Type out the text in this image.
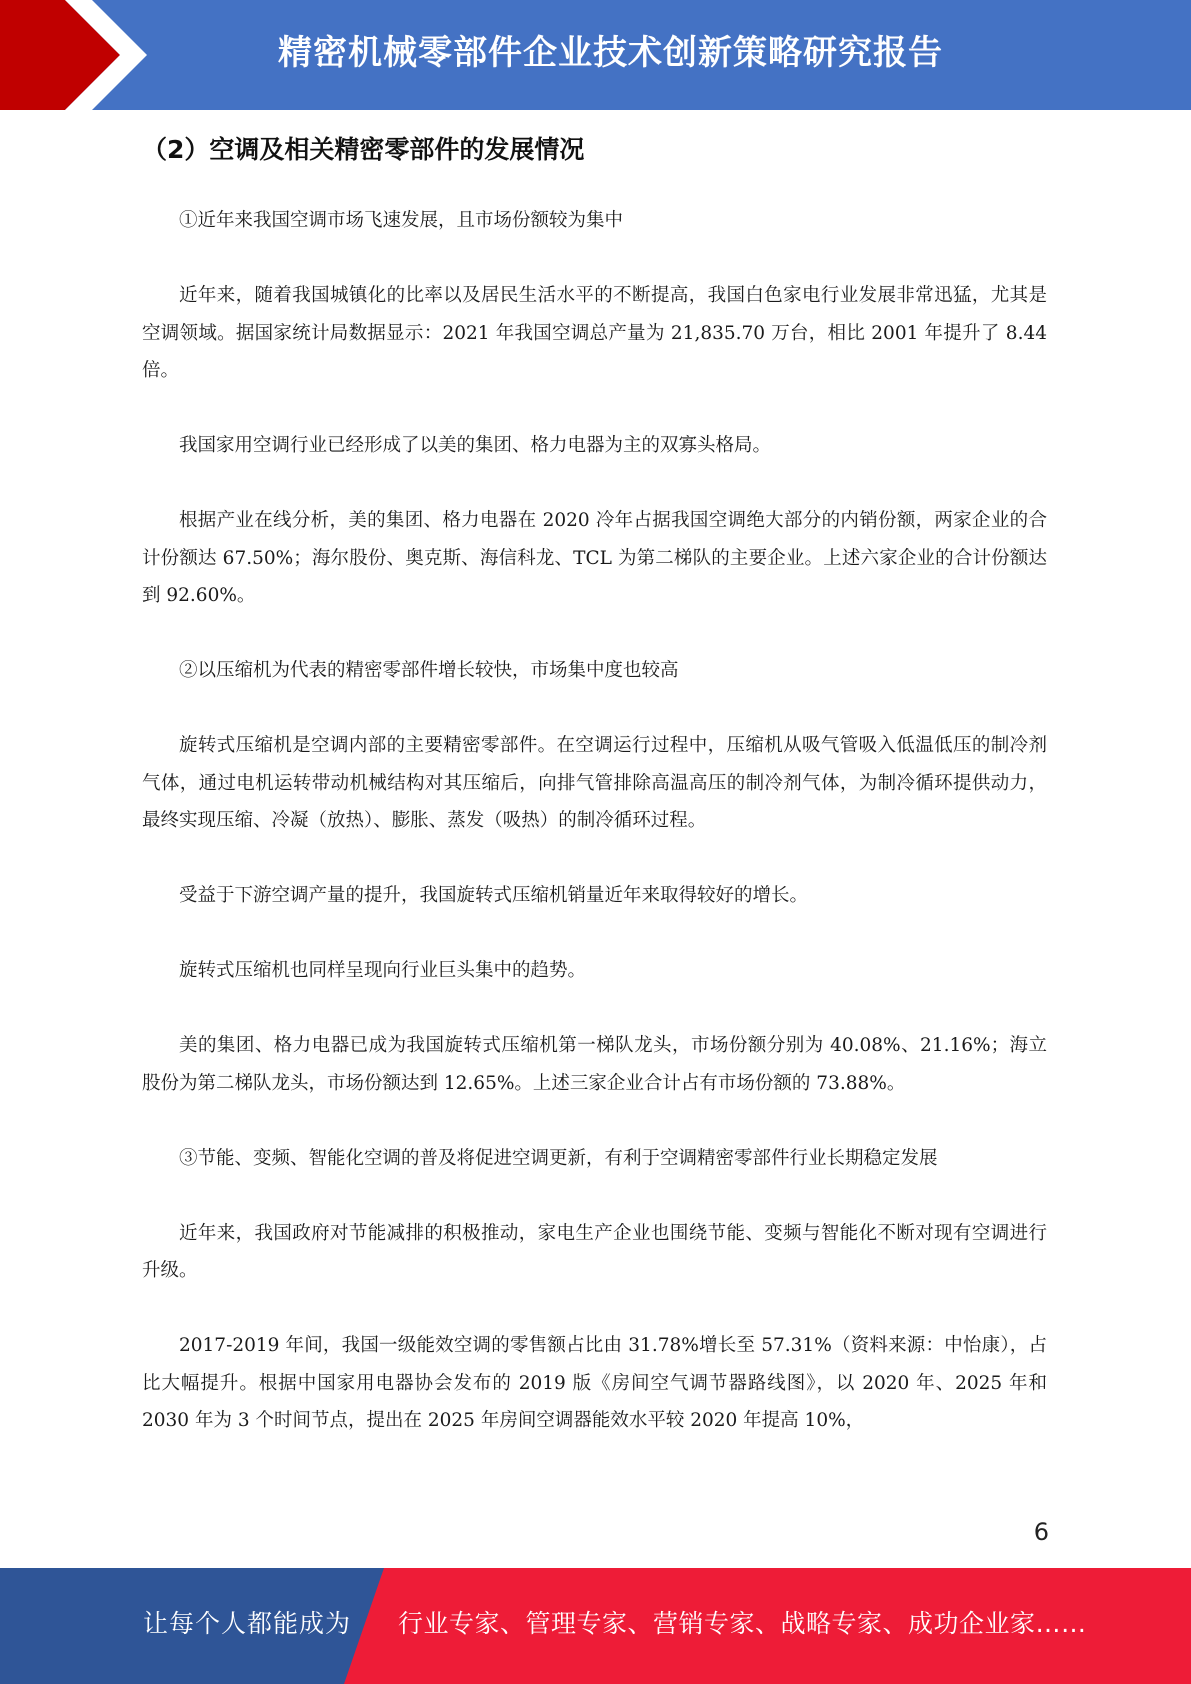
精密机械零部件企业技术创新策略研究报告
（2）空调及相关精密零部件的发展情况

①近年来我国空调市场飞速发展，且市场份额较为集中

近年来，随着我国城镇化的比率以及居民生活水平的不断提高，我国白色家电行业发展非常迅猛，尤其是空调领域。据国家统计局数据显示：2021 年我国空调总产量为 21,835.70 万台，相比 2001 年提升了 8.44 倍。

我国家用空调行业已经形成了以美的集团、格力电器为主的双寡头格局。

根据产业在线分析，美的集团、格力电器在 2020 冷年占据我国空调绝大部分的内销份额，两家企业的合计份额达 67.50%；海尔股份、奥克斯、海信科龙、TCL 为第二梯队的主要企业。上述六家企业的合计份额达到 92.60%。

②以压缩机为代表的精密零部件增长较快，市场集中度也较高

旋转式压缩机是空调内部的主要精密零部件。在空调运行过程中，压缩机从吸气管吸入低温低压的制冷剂气体，通过电机运转带动机械结构对其压缩后，向排气管排除高温高压的制冷剂气体，为制冷循环提供动力，最终实现压缩、冷凝（放热）、膨胀、蒸发（吸热）的制冷循环过程。

受益于下游空调产量的提升，我国旋转式压缩机销量近年来取得较好的增长。

旋转式压缩机也同样呈现向行业巨头集中的趋势。

美的集团、格力电器已成为我国旋转式压缩机第一梯队龙头，市场份额分别为 40.08%、21.16%；海立股份为第二梯队龙头，市场份额达到 12.65%。上述三家企业合计占有市场份额的 73.88%。

③节能、变频、智能化空调的普及将促进空调更新，有利于空调精密零部件行业长期稳定发展

近年来，我国政府对节能减排的积极推动，家电生产企业也围绕节能、变频与智能化不断对现有空调进行升级。

2017-2019 年间，我国一级能效空调的零售额占比由 31.78%增长至 57.31%（资料来源：中怡康），占比大幅提升。根据中国家用电器协会发布的 2019 版《房间空气调节器路线图》，以 2020 年、2025 年和 2030 年为 3 个时间节点，提出在 2025 年房间空调器能效水平较 2020 年提高 10%，

6
让每个人都能成为 行业专家、管理专家、营销专家、战略专家、成功企业家……
